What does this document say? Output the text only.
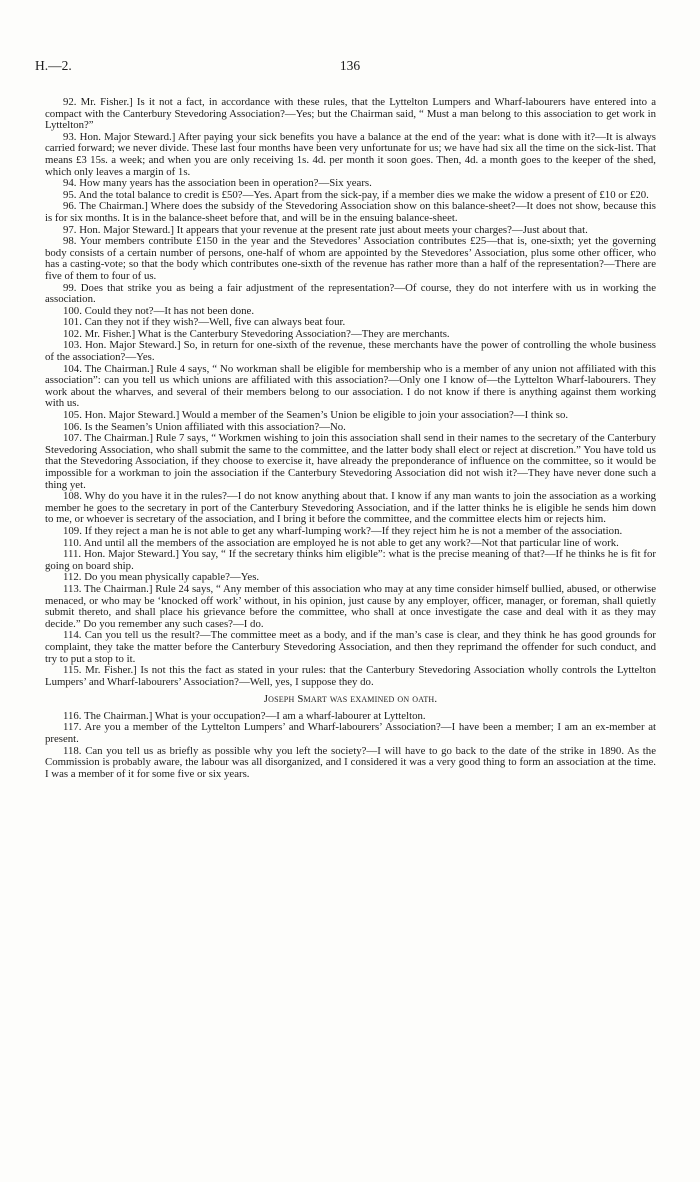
H.—2.	136

92. Mr. Fisher.] Is it not a fact, in accordance with these rules, that the Lyttelton Lumpers and Wharf-labourers have entered into a compact with the Canterbury Stevedoring Association?—Yes; but the Chairman said, “ Must a man belong to this association to get work in Lyttelton?”

93. Hon. Major Steward.] After paying your sick benefits you have a balance at the end of the year: what is done with it?—It is always carried forward; we never divide. These last four months have been very unfortunate for us; we have had six all the time on the sick-list. That means £3 15s. a week; and when you are only receiving 1s. 4d. per month it soon goes. Then, 4d. a month goes to the keeper of the shed, which only leaves a margin of 1s.

94. How many years has the association been in operation?—Six years.

95. And the total balance to credit is £50?—Yes. Apart from the sick-pay, if a member dies we make the widow a present of £10 or £20.

96. The Chairman.] Where does the subsidy of the Stevedoring Association show on this balance-sheet?—It does not show, because this is for six months. It is in the balance-sheet before that, and will be in the ensuing balance-sheet.

97. Hon. Major Steward.] It appears that your revenue at the present rate just about meets your charges?—Just about that.

98. Your members contribute £150 in the year and the Stevedores’ Association contributes £25—that is, one-sixth; yet the governing body consists of a certain number of persons, one-half of whom are appointed by the Stevedores’ Association, plus some other officer, who has a casting-vote; so that the body which contributes one-sixth of the revenue has rather more than a half of the representation?—There are five of them to four of us.

99. Does that strike you as being a fair adjustment of the representation?—Of course, they do not interfere with us in working the association.

100. Could they not?—It has not been done.

101. Can they not if they wish?—Well, five can always beat four.

102. Mr. Fisher.] What is the Canterbury Stevedoring Association?—They are merchants.

103. Hon. Major Steward.] So, in return for one-sixth of the revenue, these merchants have the power of controlling the whole business of the association?—Yes.

104. The Chairman.] Rule 4 says, “ No workman shall be eligible for membership who is a member of any union not affiliated with this association”: can you tell us which unions are affiliated with this association?—Only one I know of—the Lyttelton Wharf-labourers. They work about the wharves, and several of their members belong to our association. I do not know if there is anything against them working with us.

105. Hon. Major Steward.] Would a member of the Seamen’s Union be eligible to join your association?—I think so.

106. Is the Seamen’s Union affiliated with this association?—No.

107. The Chairman.] Rule 7 says, “ Workmen wishing to join this association shall send in their names to the secretary of the Canterbury Stevedoring Association, who shall submit the same to the committee, and the latter body shall elect or reject at discretion.” You have told us that the Stevedoring Association, if they choose to exercise it, have already the preponderance of influence on the committee, so it would be impossible for a workman to join the association if the Canterbury Stevedoring Association did not wish it?—They have never done such a thing yet.

108. Why do you have it in the rules?—I do not know anything about that. I know if any man wants to join the association as a working member he goes to the secretary in port of the Canterbury Stevedoring Association, and if the latter thinks he is eligible he sends him down to me, or whoever is secretary of the association, and I bring it before the committee, and the committee elects him or rejects him.

109. If they reject a man he is not able to get any wharf-lumping work?—If they reject him he is not a member of the association.

110. And until all the members of the association are employed he is not able to get any work?—Not that particular line of work.

111. Hon. Major Steward.] You say, “ If the secretary thinks him eligible”: what is the precise meaning of that?—If he thinks he is fit for going on board ship.

112. Do you mean physically capable?—Yes.

113. The Chairman.] Rule 24 says, “ Any member of this association who may at any time consider himself bullied, abused, or otherwise menaced, or who may be ‘knocked off work’ without, in his opinion, just cause by any employer, officer, manager, or foreman, shall quietly submit thereto, and shall place his grievance before the committee, who shall at once investigate the case and deal with it as they may decide.” Do you remember any such cases?—I do.

114. Can you tell us the result?—The committee meet as a body, and if the man’s case is clear, and they think he has good grounds for complaint, they take the matter before the Canterbury Stevedoring Association, and then they reprimand the offender for such conduct, and try to put a stop to it.

115. Mr. Fisher.] Is not this the fact as stated in your rules: that the Canterbury Stevedoring Association wholly controls the Lyttelton Lumpers’ and Wharf-labourers’ Association?—Well, yes, I suppose they do.

Joseph Smart was examined on oath.

116. The Chairman.] What is your occupation?—I am a wharf-labourer at Lyttelton.

117. Are you a member of the Lyttelton Lumpers’ and Wharf-labourers’ Association?—I have been a member; I am an ex-member at present.

118. Can you tell us as briefly as possible why you left the society?—I will have to go back to the date of the strike in 1890. As the Commission is probably aware, the labour was all disorganized, and I considered it was a very good thing to form an association at the time. I was a member of it for some five or six years.
